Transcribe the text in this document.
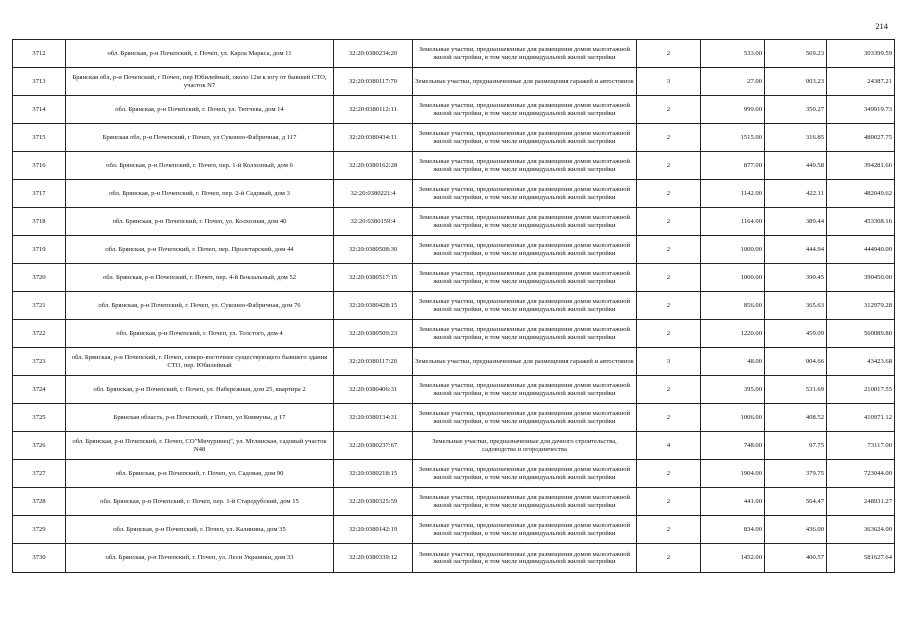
214
3712	обл. Брянская, р-н Почепский, г. Почеп, ул. Карла Маркса, дом 11	32:20:0380234:20	Земельные участки, предназначенные для размещения домов малоэтажной жилой застройки, в том числе индивидуальной жилой застройки	2	533.00	569.23	303399.59
3713	Брянская обл, р-н Почепский, г Почеп, пер Юбилейный, около 12м к югу от бывшей СТО, участок N7	32:20:0380117:70	Земельные участки, предназначенные для размещения гаражей и автостоянок	3	27.00	903.23	24387.21
3714	обл. Брянская, р-н Почепский, г. Почеп, ул. Тютчева, дом 14	32:20:0380112:11	Земельные участки, предназначенные для размещения домов малоэтажной жилой застройки, в том числе индивидуальной жилой застройки	2	999.00	350.27	349919.73
3715	Брянская обл, р-н Почепский, г Почеп, ул Суконно-Фабричная, д 117	32:20:0380434:11	Земельные участки, предназначенные для размещения домов малоэтажной жилой застройки, в том числе индивидуальной жилой застройки	2	1515.00	316.85	480027.75
3716	обл. Брянская, р-н Почепский, г. Почеп, пер. 1-й Колхозный, дом 6	32:20:0380162:28	Земельные участки, предназначенные для размещения домов малоэтажной жилой застройки, в том числе индивидуальной жилой застройки	2	877.00	449.58	394281.66
3717	обл. Брянская, р-н Почепский, г. Почеп, пер. 2-й Садовый, дом 3	32:20:0380221:4	Земельные участки, предназначенные для размещения домов малоэтажной жилой застройки, в том числе индивидуальной жилой застройки	2	1142.00	422.11	482049.62
3718	обл. Брянская, р-н Почепский, г. Почеп, ул. Колхозная, дом 40	32:20:0380159:4	Земельные участки, предназначенные для размещения домов малоэтажной жилой застройки, в том числе индивидуальной жилой застройки	2	1164.00	389.44	453308.16
3719	обл. Брянская, р-н Почепский, г. Почеп, пер. Пролетарский, дом 44	32:20:0380508:30	Земельные участки, предназначенные для размещения домов малоэтажной жилой застройки, в том числе индивидуальной жилой застройки	2	1000.00	444.94	444940.00
3720	обл. Брянская, р-н Почепский, г. Почеп, пер. 4-й Вокзальный, дом 52	32:20:0380517:15	Земельные участки, предназначенные для размещения домов малоэтажной жилой застройки, в том числе индивидуальной жилой застройки	2	1000.00	390.45	390450.00
3721	обл. Брянская, р-н Почепский, г. Почеп, ул. Суконно-Фабричная, дом 76	32:20:0380428:15	Земельные участки, предназначенные для размещения домов малоэтажной жилой застройки, в том числе индивидуальной жилой застройки	2	856.00	365.63	312979.28
3722	обл. Брянская, р-н Почепский, г. Почеп, ул. Толстого, дом 4	32:20:0380509:23	Земельные участки, предназначенные для размещения домов малоэтажной жилой застройки, в том числе индивидуальной жилой застройки	2	1220.00	459.09	560089.80
3723	обл. Брянская, р-н Почепский, г. Почеп, северо-восточнее существующего бывшего здания СТО, пер. Юбилейный	32:20:0380117:20	Земельные участки, предназначенные для размещения гаражей и автостоянок	3	48.00	904.66	43423.68
3724	обл. Брянская, р-н Почепский, г. Почеп, ул. Набережная, дом 25, квартира 2	32:20:0380406:31	Земельные участки, предназначенные для размещения домов малоэтажной жилой застройки, в том числе индивидуальной жилой застройки	2	395.00	531.69	210017.55
3725	Брянская область, р-н Почепский, г Почеп, ул Коммуны, д 17	32:20:0380134:31	Земельные участки, предназначенные для размещения домов малоэтажной жилой застройки, в том числе индивидуальной жилой застройки	2	1006.00	408.52	410971.12
3726	обл. Брянская, р-н Почепский, г. Почеп, СО"Мичуринец", ул. Мглинская, садовый участок N48	32:20:0380237:67	Земельные участки, предназначенные для дачного строительства, садоводства и огородничества	4	748.00	97.75	73117.00
3727	обл. Брянская, р-н Почепский, г. Почеп, ул. Садовая, дом 90	32:20:0380218:15	Земельные участки, предназначенные для размещения домов малоэтажной жилой застройки, в том числе индивидуальной жилой застройки	2	1904.00	379.75	723044.00
3728	обл. Брянская, р-н Почепский, г. Почеп, пер. 1-й Стародубский, дом 15	32:20:0380325:59	Земельные участки, предназначенные для размещения домов малоэтажной жилой застройки, в том числе индивидуальной жилой застройки	2	441.00	564.47	248931.27
3729	обл. Брянская, р-н Почепский, г. Почеп, ул. Калинина, дом 35	32:20:0380142:19	Земельные участки, предназначенные для размещения домов малоэтажной жилой застройки, в том числе индивидуальной жилой застройки	2	834.00	436.00	363624.00
3730	обл. Брянская, р-н Почепский, г. Почеп, ул. Леси Украинки, дом 33	32:20:0380339:12	Земельные участки, предназначенные для размещения домов малоэтажной жилой застройки, в том числе индивидуальной жилой застройки	2	1452.00	400.57	581627.64
